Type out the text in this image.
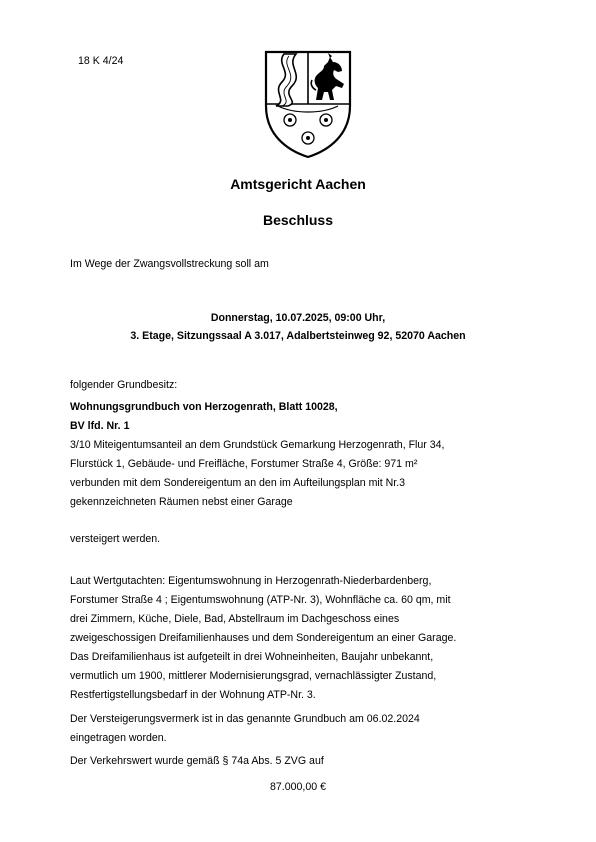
18 K 4/24
Amtsgericht Aachen
Beschluss
Im Wege der Zwangsvollstreckung soll am
Donnerstag, 10.07.2025, 09:00 Uhr,
3. Etage, Sitzungssaal A 3.017, Adalbertsteinweg 92, 52070 Aachen
folgender Grundbesitz:
Wohnungsgrundbuch von Herzogenrath, Blatt 10028,
BV lfd. Nr. 1
3/10 Miteigentumsanteil an dem Grundstück Gemarkung Herzogenrath, Flur 34,
Flurstück 1, Gebäude- und Freifläche, Forstumer Straße 4, Größe: 971 m²
verbunden mit dem Sondereigentum an den im Aufteilungsplan mit Nr.3
gekennzeichneten Räumen nebst einer Garage
versteigert werden.
Laut Wertgutachten: Eigentumswohnung in Herzogenrath-Niederbardenberg,
Forstumer Straße 4 ; Eigentumswohnung (ATP-Nr. 3), Wohnfläche ca. 60 qm, mit
drei Zimmern, Küche, Diele, Bad, Abstellraum im Dachgeschoss eines
zweigeschossigen Dreifamilienhauses und dem Sondereigentum an einer Garage.
Das Dreifamilienhaus ist aufgeteilt in drei Wohneinheiten, Baujahr unbekannt,
vermutlich um 1900, mittlerer Modernisierungsgrad, vernachlässigter Zustand,
Restfertigstellungsbedarf in der Wohnung ATP-Nr. 3.
Der Versteigerungsvermerk ist in das genannte Grundbuch am 06.02.2024
eingetragen worden.
Der Verkehrswert wurde gemäß § 74a Abs. 5 ZVG auf
87.000,00 €
